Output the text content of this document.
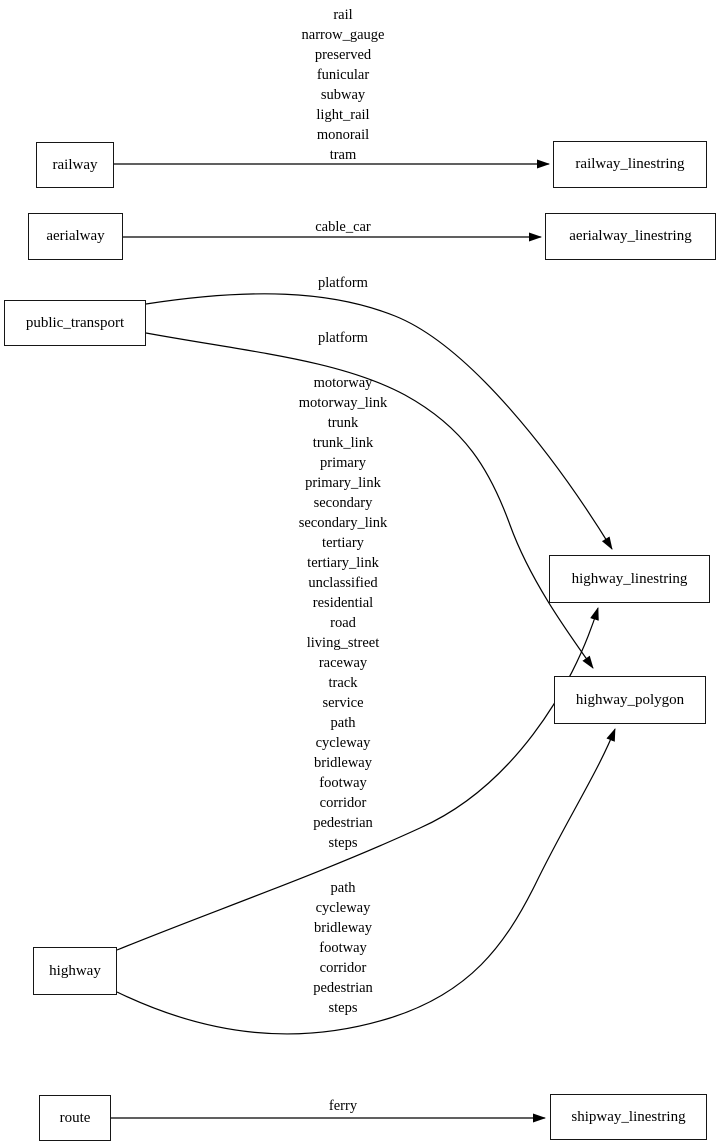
rail
narrow_gauge
preserved
funicular
subway
light_rail
monorail
tram
cable_car
platform
platform
motorway
motorway_link
trunk
trunk_link
primary
primary_link
secondary
secondary_link
tertiary
tertiary_link
unclassified
residential
road
living_street
raceway
track
service
path
cycleway
bridleway
footway
corridor
pedestrian
steps
path
cycleway
bridleway
footway
corridor
pedestrian
steps
ferry
railway
aerialway
public_transport
highway
route
railway_linestring
aerialway_linestring
highway_linestring
highway_polygon
shipway_linestring
